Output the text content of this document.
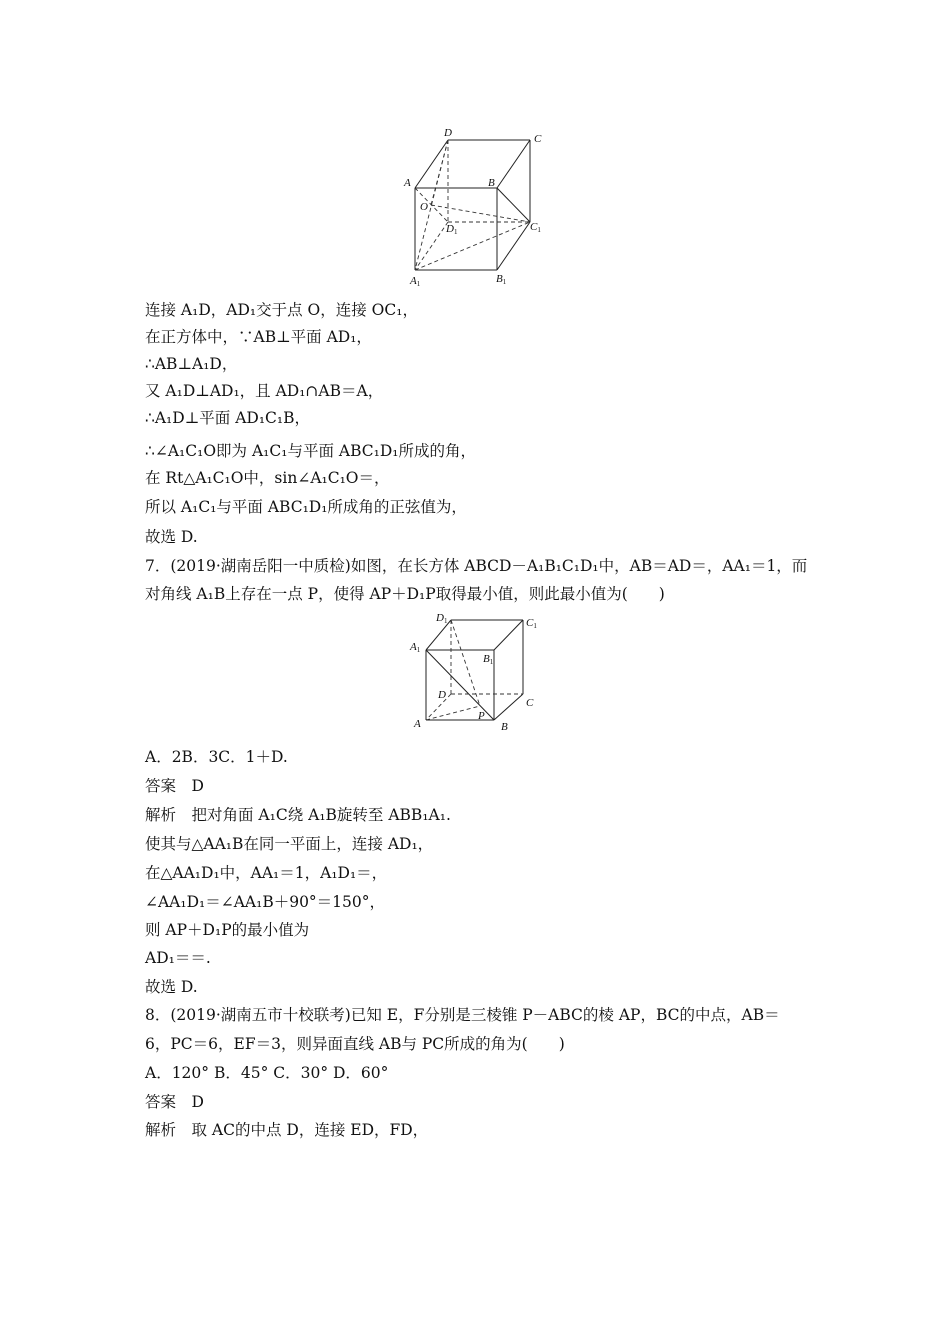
D	C
A	B
O
D1	C1
A1	B1
连接 A₁D，AD₁交于点 O，连接 OC₁，
在正方体中，∵AB⊥平面 AD₁，
∴AB⊥A₁D，
又 A₁D⊥AD₁，且 AD₁∩AB＝A，
∴A₁D⊥平面 AD₁C₁B，
∴∠A₁C₁O即为 A₁C₁与平面 ABC₁D₁所成的角，
在 Rt△A₁C₁O中，sin∠A₁C₁O＝，
所以 A₁C₁与平面 ABC₁D₁所成角的正弦值为，
故选 D.
7．(2019·湖南岳阳一中质检)如图，在长方体 ABCD－A₁B₁C₁D₁中，AB＝AD＝，AA₁＝1，而
对角线 A₁B上存在一点 P，使得 AP＋D₁P取得最小值，则此最小值为(　　)
D1	C1
A1
B1
D
C
A
P
B
A．2B．3C．1＋D.
答案　D
解析　把对角面 A₁C绕 A₁B旋转至 ABB₁A₁.
使其与△AA₁B在同一平面上，连接 AD₁，
在△AA₁D₁中，AA₁＝1，A₁D₁＝，
∠AA₁D₁＝∠AA₁B＋90°＝150°，
则 AP＋D₁P的最小值为
AD₁＝＝.
故选 D.
8．(2019·湖南五市十校联考)已知 E，F分别是三棱锥 P－ABC的棱 AP，BC的中点，AB＝
6，PC＝6，EF＝3，则异面直线 AB与 PC所成的角为(　　)
A．120° B．45° C．30° D．60°
答案　D
解析　取 AC的中点 D，连接 ED，FD，
